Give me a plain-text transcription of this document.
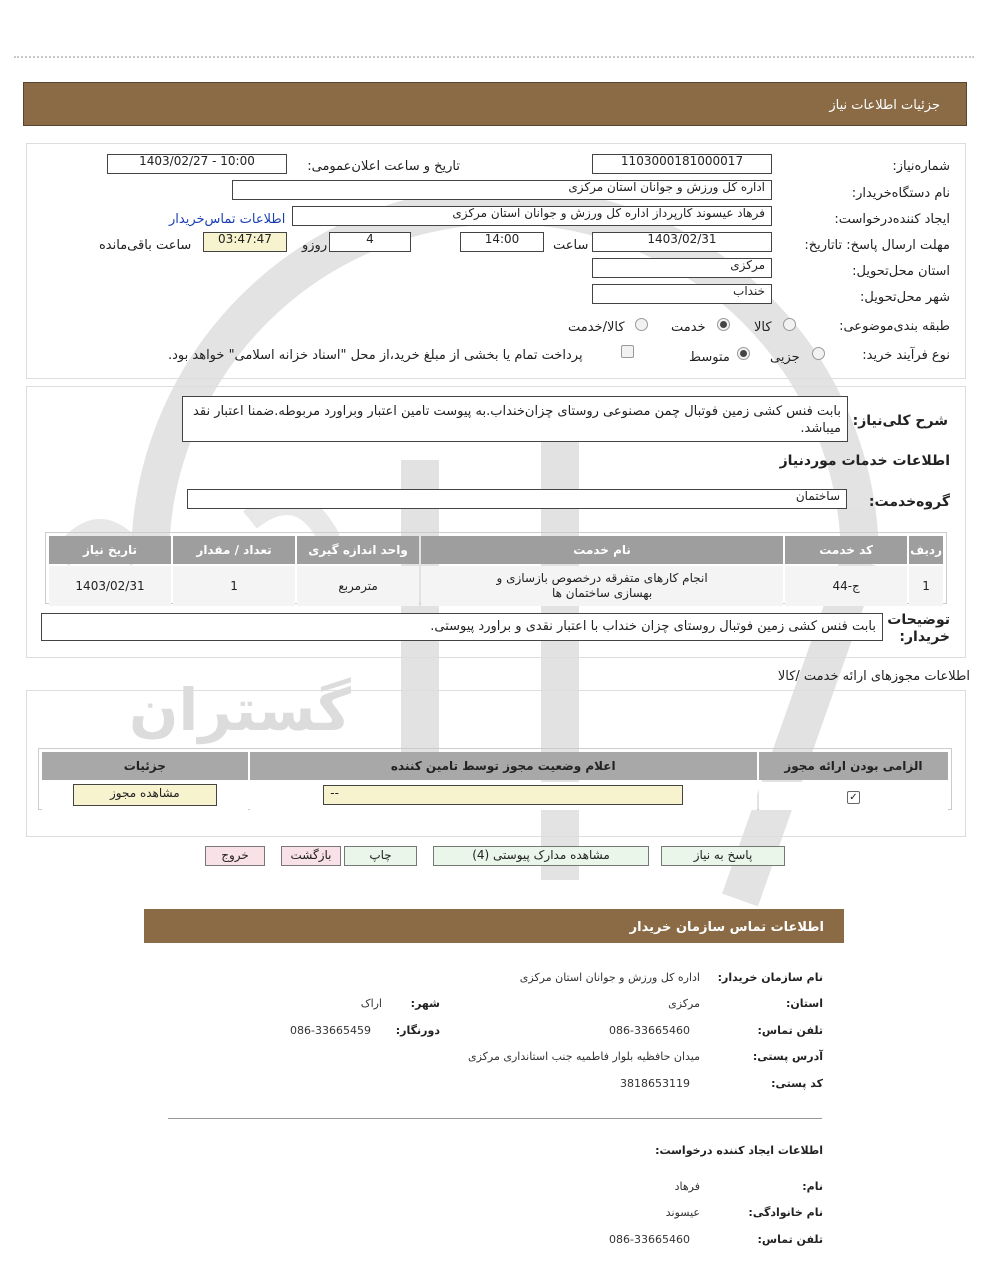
گستران
جزئیات اطلاعات نیاز
شماره‌نیاز:
1103000181000017
تاریخ و ساعت اعلان‌عمومی:
1403/02/27 - 10:00
نام دستگاه‌خریدار:
اداره کل ورزش و جوانان استان مرکزی
ایجاد کننده‌درخواست:
فرهاد عیسوند کارپرداز اداره کل ورزش و جوانان استان مرکزی
اطلاعات تماس‌خریدار
مهلت ارسال پاسخ: تاتاریخ:
1403/02/31
ساعت
14:00
4
روزو
03:47:47
ساعت باقی‌مانده
استان محل‌تحویل:
مرکزی
شهر محل‌تحویل:
خنداب
طبقه بندی‌موضوعی:
کالا
خدمت
کالا/خدمت
نوع فرآیند خرید:
جزیی
متوسط
پرداخت تمام یا بخشی از مبلغ خرید،از محل "اسناد خزانه اسلامی" خواهد بود.
شرح کلی‌نیاز:
بابت فنس کشی زمین فوتبال چمن مصنوعی روستای چزان‌خنداب.به پیوست تامین اعتبار وبراورد مربوطه.ضمنا اعتبار نقد میباشد.
اطلاعات خدمات مورد‌نیاز
گروه‌خدمت:
ساختمان
ردیف	کد خدمت	نام خدمت	واحد اندازه گیری	تعداد / مقدار	تاریخ نیاز
1	ج-44	انجام کارهای متفرقه درخصوص بازسازی و بهسازی ساختمان ها	مترمربع	1	1403/02/31
توضیحات خریدار:
بابت فنس کشی زمین فوتبال روستای چزان خنداب با اعتبار نقدی و براورد پیوستی.
اطلاعات مجوزهای ارائه خدمت /کالا
الزامی بودن ارائه مجوز	اعلام وضعیت مجوز توسط تامین کننده	جزئیات
✓	--	مشاهده مجوز
پاسخ به نیاز
مشاهده مدارک پیوستی (4)
چاپ
بازگشت
خروج
اطلاعات تماس سازمان خریدار
نام سازمان خریدار:
اداره کل ورزش و جوانان استان مرکزی
استان:
مرکزی
شهر:
اراک
تلفن تماس:
086-33665460
دورنگار:
086-33665459
آدرس پستی:
میدان حافظیه بلوار فاطمیه جنب استانداری مرکزی
کد پستی:
3818653119
اطلاعات ایجاد کننده درخواست:
نام:
فرهاد
نام خانوادگی:
عیسوند
تلفن تماس:
086-33665460
